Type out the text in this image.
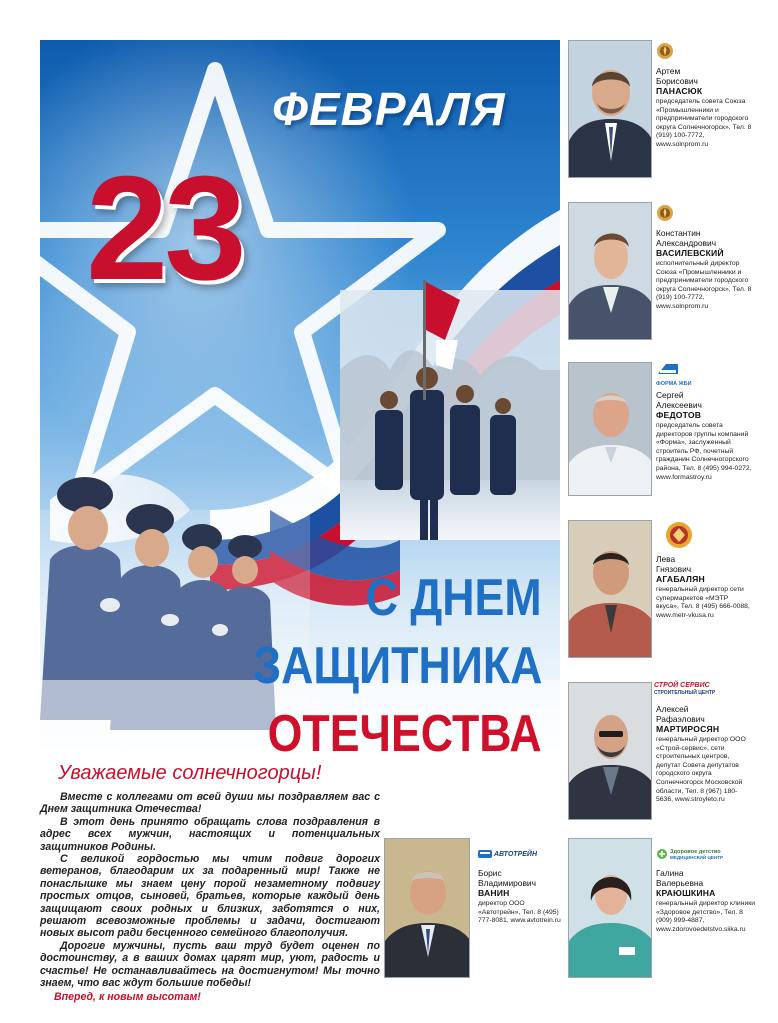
ФЕВРАЛЯ
23
С ДНЕМ
ЗАЩИТНИКА
ОТЕЧЕСТВА
Уважаемые солнечногорцы!

Вместе с коллегами от всей души мы поздравляем вас с Днем защитника Отечества!

В этот день принято обращать слова поздравления в адрес всех мужчин, настоящих и потенциальных защитников Родины.

С великой гордостью мы чтим подвиг дорогих ветеранов, благодарим их за подаренный мир! Также не понаслышке мы знаем цену порой незаметному подвигу простых отцов, сыновей, братьев, которые каждый день защищают своих родных и близких, заботятся о них, решают всевозможные проблемы и задачи, достигают новых высот ради бесценного семейного благополучия.

Дорогие мужчины, пусть ваш труд будет оценен по достоинству, а в ваших домах царят мир, уют, радость и счастье! Не останавливайтесь на достигнутом! Мы точно знаем, что вас ждут большие победы!

Вперед, к новым высотам!

Артем
Борисович
ПАНАСЮК
председатель совета Союза «Промышленники и предприниматели городского округа Солнечногорск», Тел. 8 (919) 100-7772, www.solnprom.ru
Константин
Александрович
ВАСИЛЕВСКИЙ
исполнительный директор Союза «Промышленники и предприниматели городского округа Солнечногорск», Тел. 8 (919) 100-7772, www.solnprom.ru
ФОРМА ЖБИ
Сергей
Алексеевич
ФЕДОТОВ
председатель совета директоров группы компаний «Форма», заслуженный строитель РФ, почетный гражданин Солнечногорского района, Тел. 8 (495) 994-0272, www.formastroy.ru
Лева
Гнязович
АГАБАЛЯН
генеральный директор сети супермаркетов «МЭТР вкуса», Тел. 8 (495) 666-0088, www.metr-vkusa.ru
СТРОЙ СЕРВИС
СТРОИТЕЛЬНЫЙ ЦЕНТР
Алексей
Рафаэлович
МАРТИРОСЯН
генеральный директор ООО «Строй-сервис», сети строительных центров, депутат Совета депутатов городского округа Солнечногорск Московской области, Тел. 8 (967) 180-5636, www.stroyleto.ru
АВТОТРЕЙН
Борис
Владимирович
ВАНИН
директор ООО «Автотрейн», Тел. 8 (495) 777-8081, www.avtotrein.ru
Здоровое детство
МЕДИЦИНСКИЙ ЦЕНТР
Галина
Валерьевна
КРАЮШКИНА
генеральный директор клиники «Здоровое детство», Тел. 8 (909) 999-4887, www.zdorovoedetstvo.siika.ru
